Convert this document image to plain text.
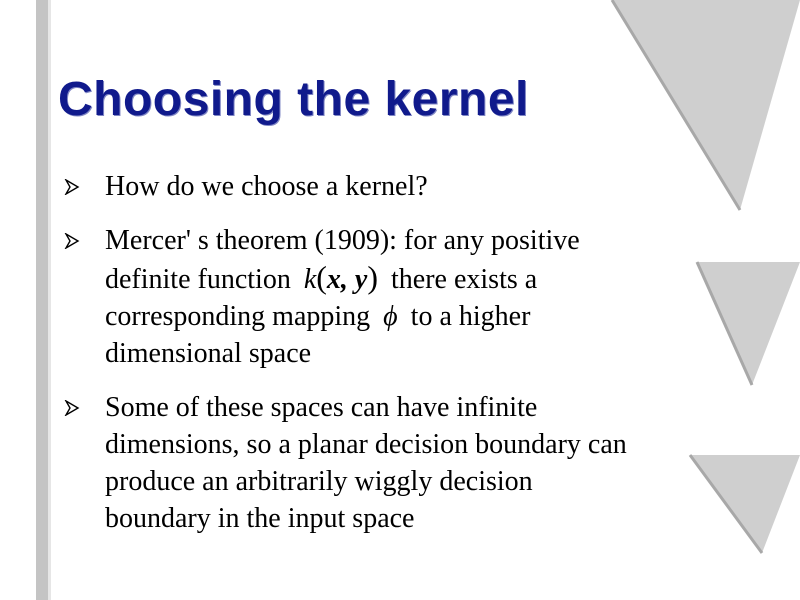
Choosing the kernel
How do we choose a kernel?
Mercer' s theorem (1909): for any positive
definite function k(x, y) there exists a
corresponding mapping ϕ to a higher
dimensional space
Some of these spaces can have infinite
dimensions, so a planar decision boundary can
produce an arbitrarily wiggly decision
boundary in the input space
